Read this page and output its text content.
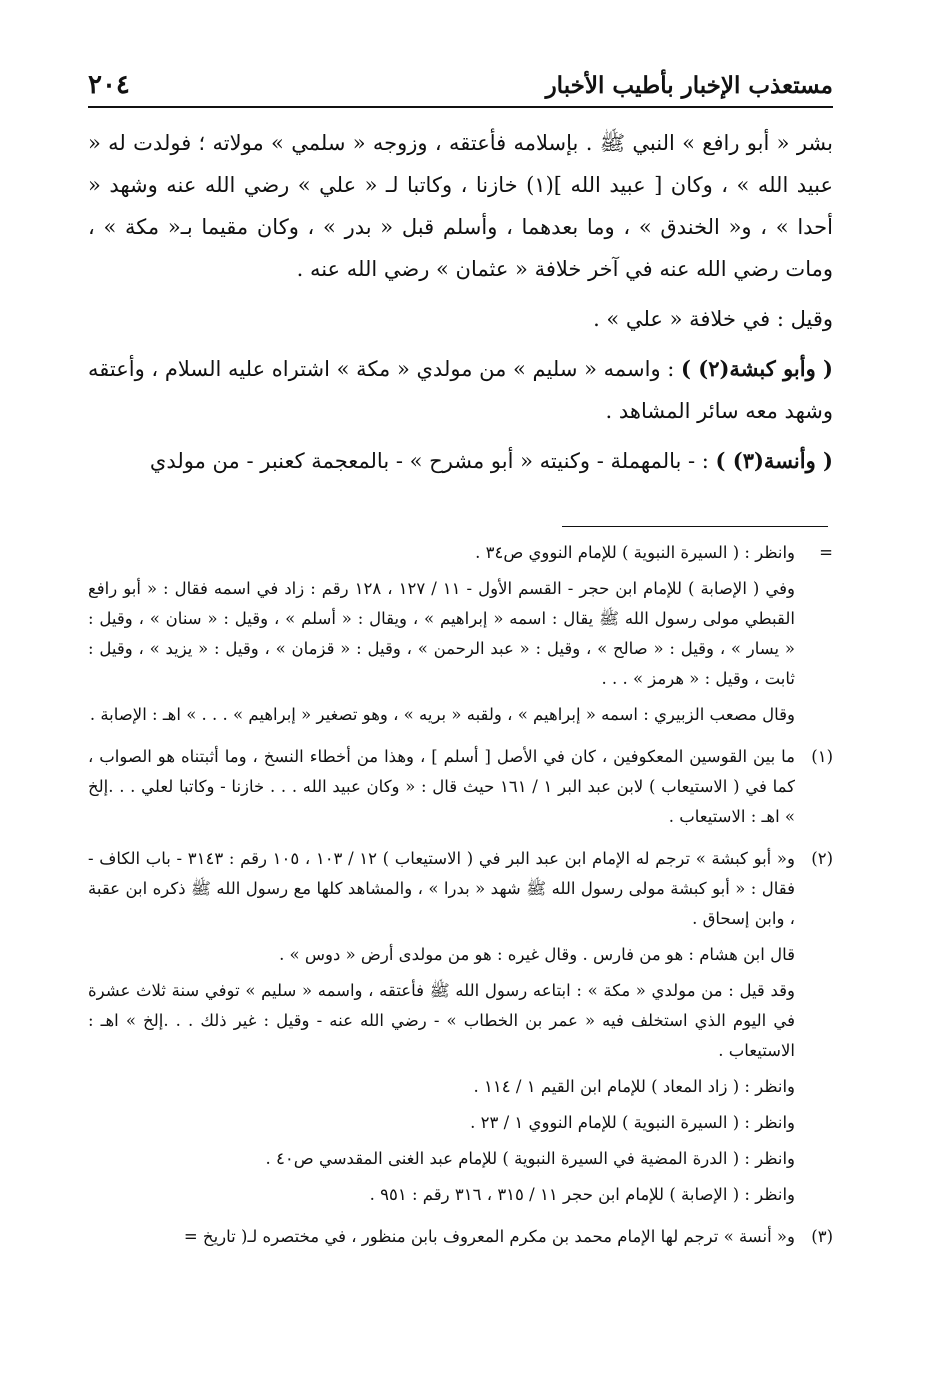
مستعذب الإخبار بأطيب الأخبار
٢٠٤

بشر « أبو رافع » النبي ﷺ . بإسلامه فأعتقه ، وزوجه « سلمي » مولاته ؛ فولدت له « عبيد الله » ، وكان [ عبيد الله ](١) خازنا ، وكاتبا لـ « علي » رضي الله عنه وشهد « أحدا » ، و« الخندق » ، وما بعدهما ، وأسلم قبل « بدر » ، وكان مقيما بـ« مكة » ، ومات رضي الله عنه في آخر خلافة « عثمان » رضي الله عنه .

وقيل : في خلافة « علي » .

( وأبو كبشة(٢) ) : واسمه « سليم » من مولدي « مكة » اشتراه عليه السلام ، وأعتقه وشهد معه سائر المشاهد .

( وأنسة(٣) ) : - بالمهملة - وكنيته « أبو مشرح » - بالمعجمة كعنبر - من مولدي

=

وانظر : ( السيرة النبوية ) للإمام النووي ص٣٤ .

وفي ( الإصابة ) للإمام ابن حجر - القسم الأول - ١١ / ١٢٧ ، ١٢٨ رقم : زاد في اسمه فقال : « أبو رافع القبطي مولى رسول الله ﷺ يقال : اسمه « إبراهيم » ، ويقال : « أسلم » ، وقيل : « سنان » ، وقيل : « يسار » ، وقيل : « صالح » ، وقيل : « عبد الرحمن » ، وقيل : « قزمان » ، وقيل : « يزيد » ، وقيل : ثابت ، وقيل : « هرمز » . . .

وقال مصعب الزبيري : اسمه « إبراهيم » ، ولقبه « بريه » ، وهو تصغير « إبراهيم » . . . » اهـ : الإصابة .

(١)

ما بين القوسين المعكوفين ، كان في الأصل [ أسلم ] ، وهذا من أخطاء النسخ ، وما أثبتناه هو الصواب ، كما في ( الاستيعاب ) لابن عبد البر ١ / ١٦١ حيث قال : « وكان عبيد الله . . . خازنا - وكاتبا لعلي . . .إلخ » اهـ : الاستيعاب .

(٢)

و« أبو كبشة » ترجم له الإمام ابن عبد البر في ( الاستيعاب ) ١٢ / ١٠٣ ، ١٠٥ رقم : ٣١٤٣ - باب الكاف - فقال : « أبو كبشة مولى رسول الله ﷺ شهد « بدرا » ، والمشاهد كلها مع رسول الله ﷺ ذكره ابن عقبة ، وابن إسحاق .

قال ابن هشام : هو من فارس . وقال غيره : هو من مولدى أرض « دوس » .

وقد قيل : من مولدي « مكة » : ابتاعه رسول الله ﷺ فأعتقه ، واسمه « سليم » توفي سنة ثلاث عشرة في اليوم الذي استخلف فيه « عمر بن الخطاب » - رضي الله عنه - وقيل : غير ذلك . . .إلخ » اهـ : الاستيعاب .

وانظر : ( زاد المعاد ) للإمام ابن القيم ١ / ١١٤ .

وانظر : ( السيرة النبوية ) للإمام النووي ١ / ٢٣ .

وانظر : ( الدرة المضية في السيرة النبوية ) للإمام عبد الغنى المقدسي ص٤٠ .

وانظر : ( الإصابة ) للإمام ابن حجر ١١ / ٣١٥ ، ٣١٦ رقم : ٩٥١ .

(٣)

و« أنسة » ترجم لها الإمام محمد بن مكرم المعروف بابن منظور ، في مختصره لـ( تاريخ =
